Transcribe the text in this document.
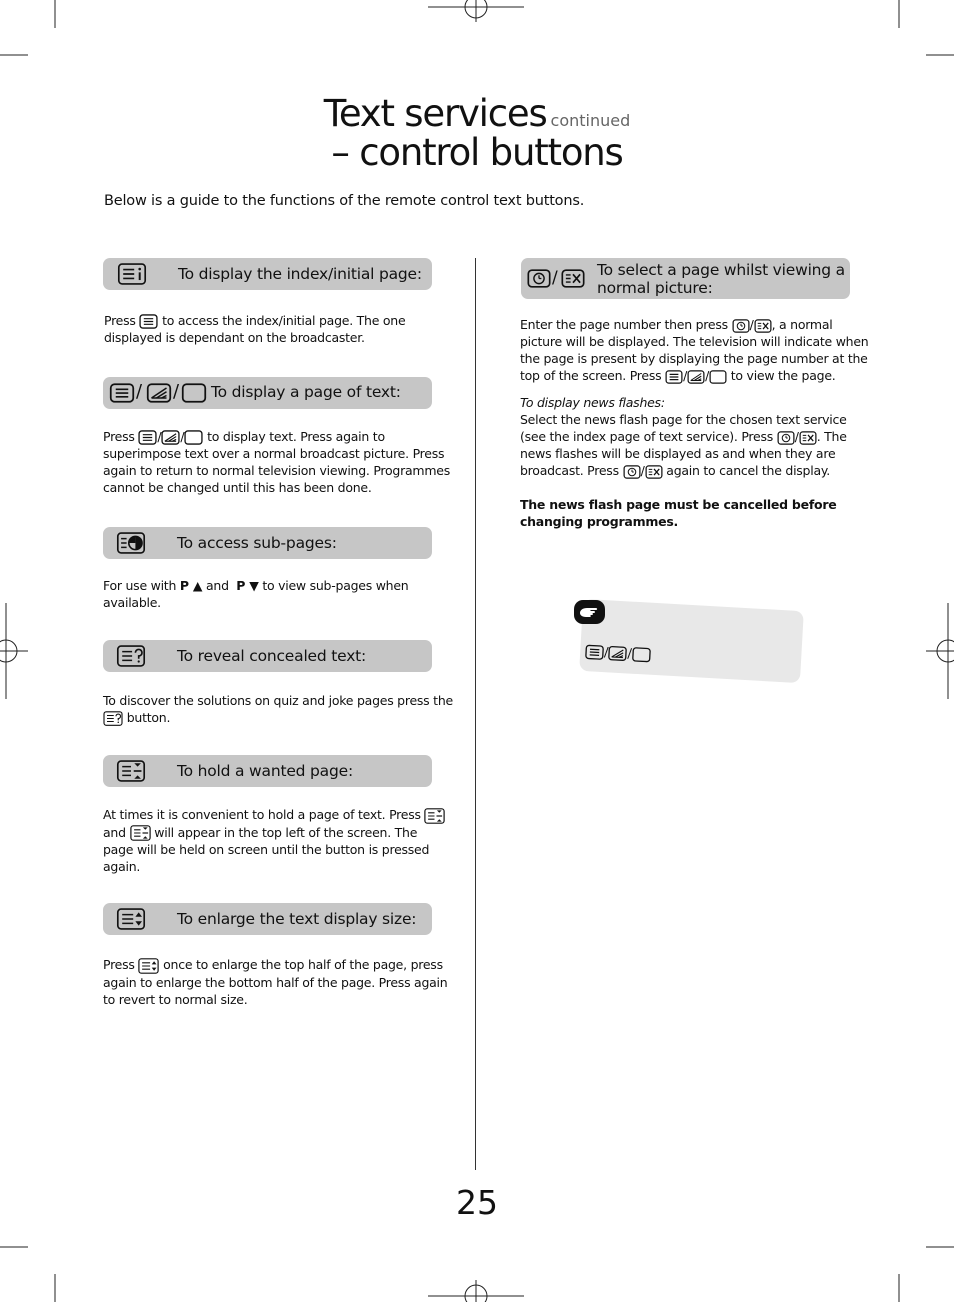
Text services continued
– control buttons
Below is a guide to the functions of the remote control text buttons.
To display the index/initial page:
Press to access the index/initial page. The one
displayed is dependant on the broadcaster.
/ / To display a page of text:
Press / / to display text. Press again to
superimpose text over a normal broadcast picture. Press
again to return to normal television viewing. Programmes
cannot be changed until this has been done.
To access sub-pages:
For use with P ▲ and P ▼ to view sub-pages when
available.
To reveal concealed text:
To discover the solutions on quiz and joke pages press the
button.
To hold a wanted page:
At times it is convenient to hold a page of text. Press
and will appear in the top left of the screen. The
page will be held on screen until the button is pressed
again.
To enlarge the text display size:
Press once to enlarge the top half of the page, press
again to enlarge the bottom half of the page. Press again
to revert to normal size.
/	To select a page whilst viewing a
normal picture:
Enter the page number then press / , a normal
picture will be displayed. The television will indicate when
the page is present by displaying the page number at the
top of the screen. Press / / to view the page.
To display news flashes:
Select the news flash page for the chosen text service
(see the index page of text service). Press / . The
news flashes will be displayed as and when they are
broadcast. Press / again to cancel the display.
The news flash page must be cancelled before
changing programmes.
/ /
25
